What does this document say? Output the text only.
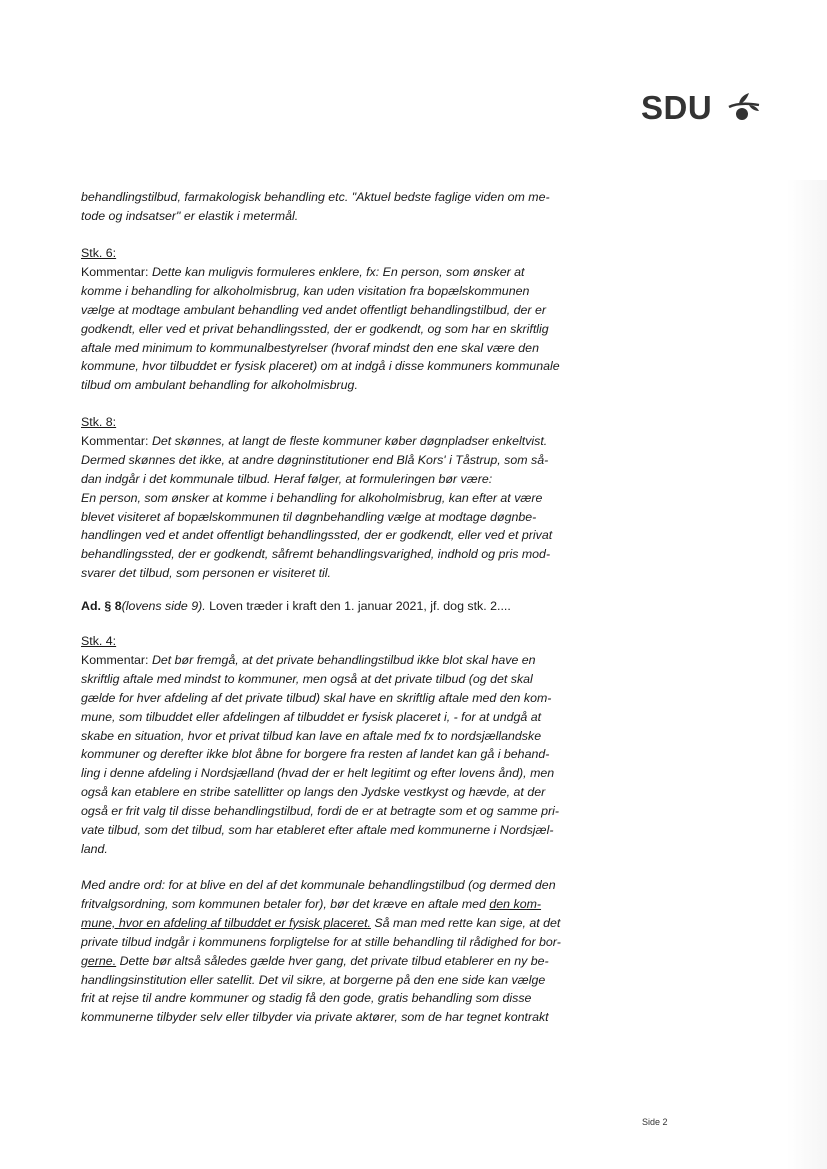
SDU

behandlingstilbud, farmakologisk behandling etc. "Aktuel bedste faglige viden om me-

tode og indsatser" er elastik i metermål.

Stk. 6:

Kommentar: Dette kan muligvis formuleres enklere, fx: En person, som ønsker at

komme i behandling for alkoholmisbrug, kan uden visitation fra bopælskommunen

vælge at modtage ambulant behandling ved andet offentligt behandlingstilbud, der er

godkendt, eller ved et privat behandlingssted, der er godkendt, og som har en skriftlig

aftale med minimum to kommunalbestyrelser (hvoraf mindst den ene skal være den

kommune, hvor tilbuddet er fysisk placeret) om at indgå i disse kommuners kommunale

tilbud om ambulant behandling for alkoholmisbrug.

Stk. 8:

Kommentar: Det skønnes, at langt de fleste kommuner køber døgnpladser enkeltvist.

Dermed skønnes det ikke, at andre døgninstitutioner end Blå Kors' i Tåstrup, som så-

dan indgår i det kommunale tilbud. Heraf følger, at formuleringen bør være:

En person, som ønsker at komme i behandling for alkoholmisbrug, kan efter at være

blevet visiteret af bopælskommunen til døgnbehandling vælge at modtage døgnbe-

handlingen ved et andet offentligt behandlingssted, der er godkendt, eller ved et privat

behandlingssted, der er godkendt, såfremt behandlingsvarighed, indhold og pris mod-

svarer det tilbud, som personen er visiteret til.

Ad. § 8(lovens side 9). Loven træder i kraft den 1. januar 2021, jf. dog stk. 2....

Stk. 4:

Kommentar: Det bør fremgå, at det private behandlingstilbud ikke blot skal have en

skriftlig aftale med mindst to kommuner, men også at det private tilbud (og det skal

gælde for hver afdeling af det private tilbud) skal have en skriftlig aftale med den kom-

mune, som tilbuddet eller afdelingen af tilbuddet er fysisk placeret i, - for at undgå at

skabe en situation, hvor et privat tilbud kan lave en aftale med fx to nordsjællandske

kommuner og derefter ikke blot åbne for borgere fra resten af landet kan gå i behand-

ling i denne afdeling i Nordsjælland (hvad der er helt legitimt og efter lovens ånd), men

også kan etablere en stribe satellitter op langs den Jydske vestkyst og hævde, at der

også er frit valg til disse behandlingstilbud, fordi de er at betragte som et og samme pri-

vate tilbud, som det tilbud, som har etableret efter aftale med kommunerne i Nordsjæl-

land.

Med andre ord: for at blive en del af det kommunale behandlingstilbud (og dermed den

fritvalgsordning, som kommunen betaler for), bør det kræve en aftale med den kom-

mune, hvor en afdeling af tilbuddet er fysisk placeret. Så man med rette kan sige, at det

private tilbud indgår i kommunens forpligtelse for at stille behandling til rådighed for bor-

gerne. Dette bør altså således gælde hver gang, det private tilbud etablerer en ny be-

handlingsinstitution eller satellit. Det vil sikre, at borgerne på den ene side kan vælge

frit at rejse til andre kommuner og stadig få den gode, gratis behandling som disse

kommunerne tilbyder selv eller tilbyder via private aktører, som de har tegnet kontrakt

Side 2
